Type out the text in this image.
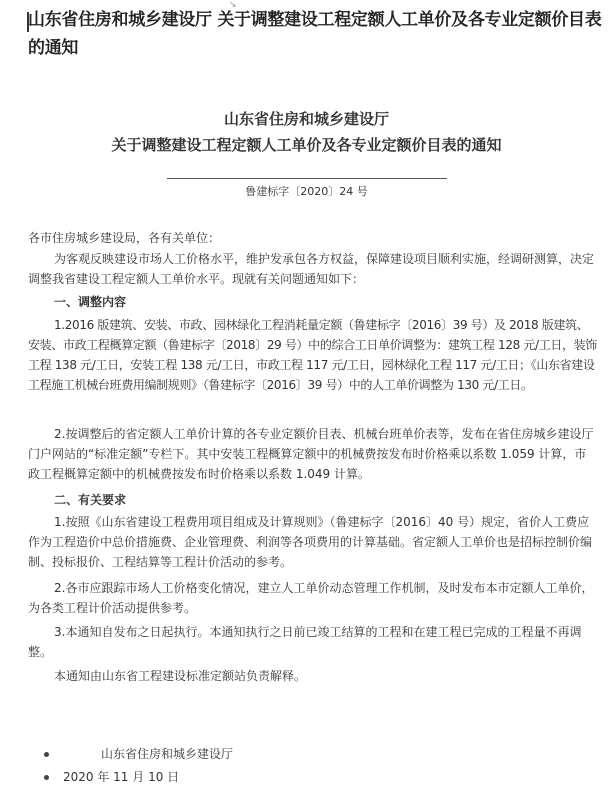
↘
山东省住房和城乡建设厅 关于调整建设工程定额人工单价及各专业定额价目表的通知
山东省住房和城乡建设厅
关于调整建设工程定额人工单价及各专业定额价目表的通知
鲁建标字〔2020〕24 号

各市住房城乡建设局，各有关单位：

为客观反映建设市场人工价格水平，维护发承包各方权益，保障建设项目顺利实施，经调研测算，决定调整我省建设工程定额人工单价水平。现就有关问题通知如下：

一、调整内容

1.2016 版建筑、安装、市政、园林绿化工程消耗量定额（鲁建标字〔2016〕39 号）及 2018 版建筑、安装、市政工程概算定额（鲁建标字〔2018〕29 号）中的综合工日单价调整为：建筑工程 128 元/工日，装饰工程 138 元/工日，安装工程 138 元/工日，市政工程 117 元/工日，园林绿化工程 117 元/工日；《山东省建设工程施工机械台班费用编制规则》（鲁建标字〔2016〕39 号）中的人工单价调整为 130 元/工日。

2.按调整后的省定额人工单价计算的各专业定额价目表、机械台班单价表等，发布在省住房城乡建设厅门户网站的“标准定额”专栏下。其中安装工程概算定额中的机械费按发布时价格乘以系数 1.059 计算，市政工程概算定额中的机械费按发布时价格乘以系数 1.049 计算。

二、有关要求

1.按照《山东省建设工程费用项目组成及计算规则》（鲁建标字〔2016〕40 号）规定，省价人工费应作为工程造价中总价措施费、企业管理费、利润等各项费用的计算基础。省定额人工单价也是招标控制价编制、投标报价、工程结算等工程计价活动的参考。

2.各市应跟踪市场人工价格变化情况，建立人工单价动态管理工作机制，及时发布本市定额人工单价，为各类工程计价活动提供参考。

3.本通知自发布之日起执行。本通知执行之日前已竣工结算的工程和在建工程已完成的工程量不再调整。

本通知由山东省工程建设标准定额站负责解释。

山东省住房和城乡建设厅
2020 年 11 月 10 日
